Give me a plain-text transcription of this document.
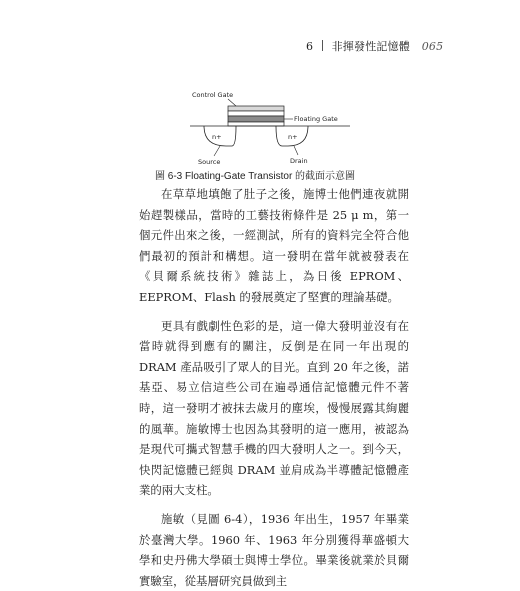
6 非揮發性記憶體 065
Control Gate
Floating Gate
n+	n+
Source	Drain
圖 6-3 Floating-Gate Transistor 的截面示意圖

在草草地填飽了肚子之後，施博士他們連夜就開始趕製樣品，當時的工藝技術條件是 25 μ m，第一個元件出來之後，一經測試，所有的資料完全符合他們最初的預計和構想。這一發明在當年就被發表在《貝爾系統技術》雜誌上，為日後 EPROM、EEPROM、Flash 的發展奠定了堅實的理論基礎。

更具有戲劇性色彩的是，這一偉大發明並沒有在當時就得到應有的關注，反倒是在同一年出現的 DRAM 產品吸引了眾人的目光。直到 20 年之後，諾基亞、易立信這些公司在遍尋通信記憶體元件不著時，這一發明才被抹去歲月的塵埃，慢慢展露其絢麗的風華。施敏博士也因為其發明的這一應用，被認為是現代可攜式智慧手機的四大發明人之一。到今天，快閃記憶體已經與 DRAM 並肩成為半導體記憶體產業的兩大支柱。

施敏（見圖 6-4），1936 年出生，1957 年畢業於臺灣大學。1960 年、1963 年分別獲得華盛頓大學和史丹佛大學碩士與博士學位。畢業後就業於貝爾實驗室，從基層研究員做到主
